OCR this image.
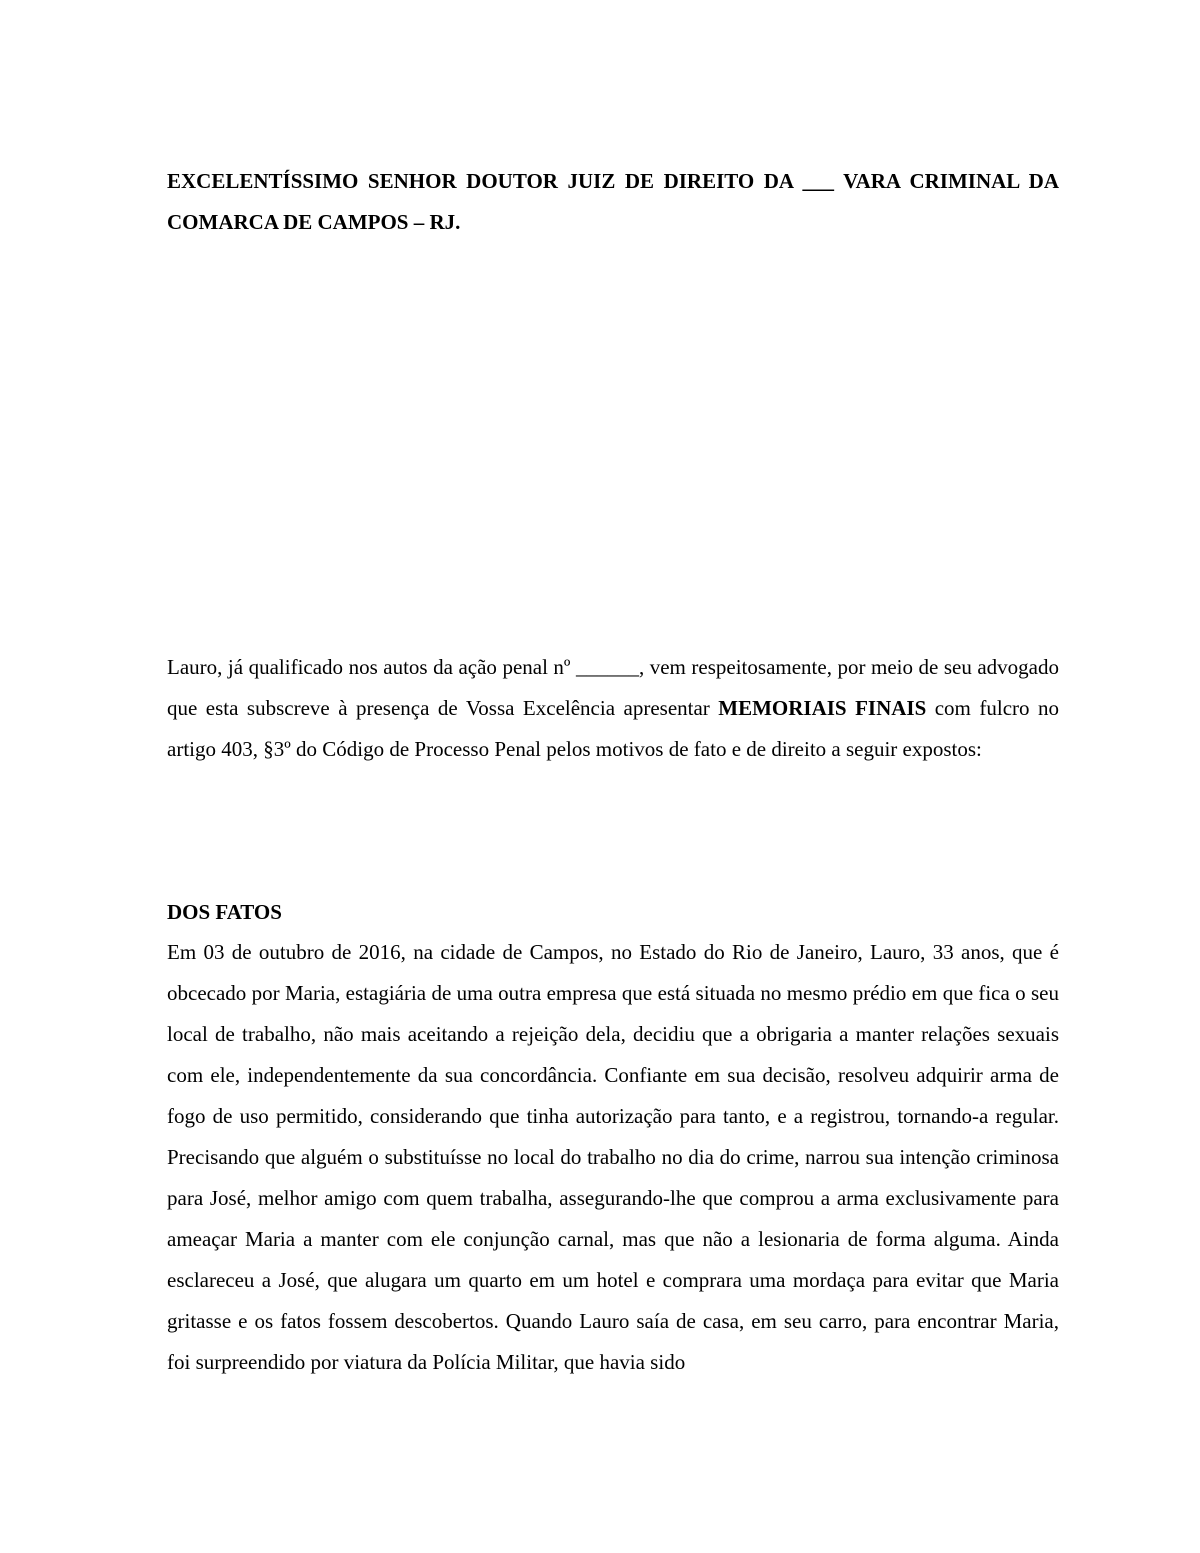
EXCELENTÍSSIMO SENHOR DOUTOR JUIZ DE DIREITO DA ___ VARA CRIMINAL DA COMARCA DE CAMPOS – RJ.

Lauro, já qualificado nos autos da ação penal nº ______, vem respeitosamente, por meio de seu advogado que esta subscreve à presença de Vossa Excelência apresentar MEMORIAIS FINAIS com fulcro no artigo 403, §3º do Código de Processo Penal pelos motivos de fato e de direito a seguir expostos:

DOS FATOS

Em 03 de outubro de 2016, na cidade de Campos, no Estado do Rio de Janeiro, Lauro, 33 anos, que é obcecado por Maria, estagiária de uma outra empresa que está situada no mesmo prédio em que fica o seu local de trabalho, não mais aceitando a rejeição dela, decidiu que a obrigaria a manter relações sexuais com ele, independentemente da sua concordância. Confiante em sua decisão, resolveu adquirir arma de fogo de uso permitido, considerando que tinha autorização para tanto, e a registrou, tornando-a regular. Precisando que alguém o substituísse no local do trabalho no dia do crime, narrou sua intenção criminosa para José, melhor amigo com quem trabalha, assegurando-lhe que comprou a arma exclusivamente para ameaçar Maria a manter com ele conjunção carnal, mas que não a lesionaria de forma alguma. Ainda esclareceu a José, que alugara um quarto em um hotel e comprara uma mordaça para evitar que Maria gritasse e os fatos fossem descobertos. Quando Lauro saía de casa, em seu carro, para encontrar Maria, foi surpreendido por viatura da Polícia Militar, que havia sido
